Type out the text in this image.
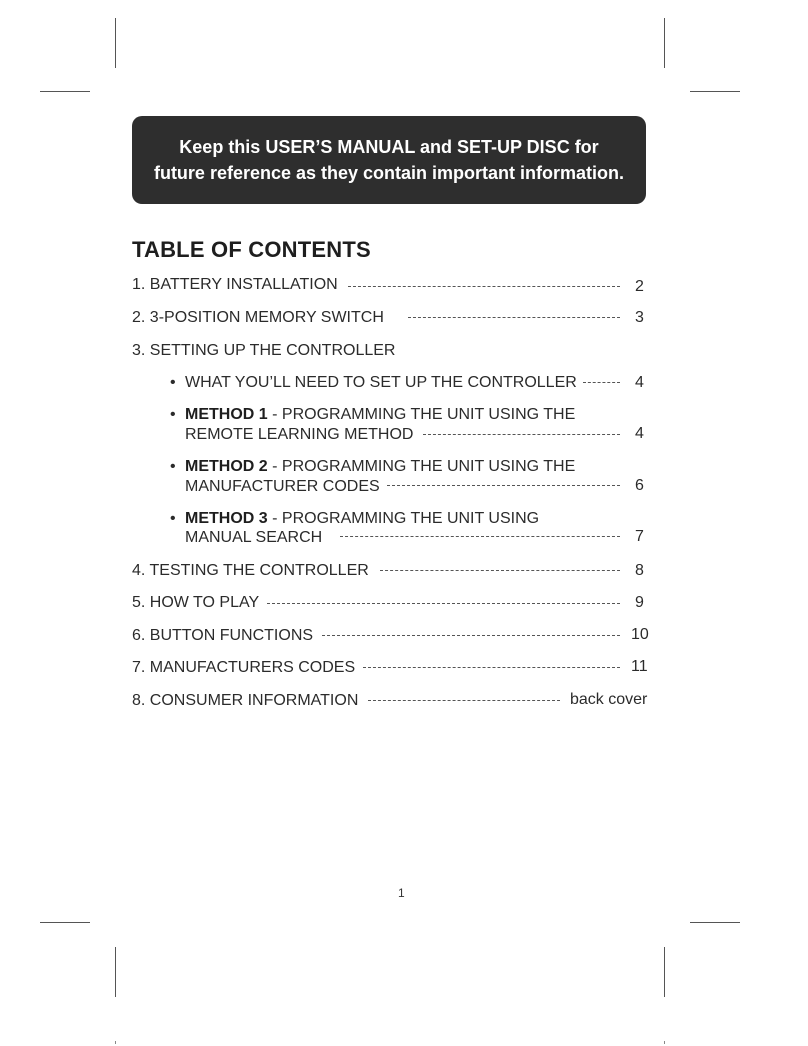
Keep this USER’S MANUAL and SET-UP DISC for future reference as they contain important information.
TABLE OF CONTENTS
1. BATTERY INSTALLATION	2
2. 3-POSITION MEMORY SWITCH	3
3. SETTING UP THE CONTROLLER
• WHAT YOU’LL NEED TO SET UP THE CONTROLLER	4
• METHOD 1 - PROGRAMMING THE UNIT USING THE
REMOTE LEARNING METHOD	4
• METHOD 2 - PROGRAMMING THE UNIT USING THE
MANUFACTURER CODES	6
• METHOD 3 - PROGRAMMING THE UNIT USING
MANUAL SEARCH	7
4. TESTING THE CONTROLLER	8
5. HOW TO PLAY	9
6. BUTTON FUNCTIONS	10
7. MANUFACTURERS CODES	11
8. CONSUMER INFORMATION	back cover
1
